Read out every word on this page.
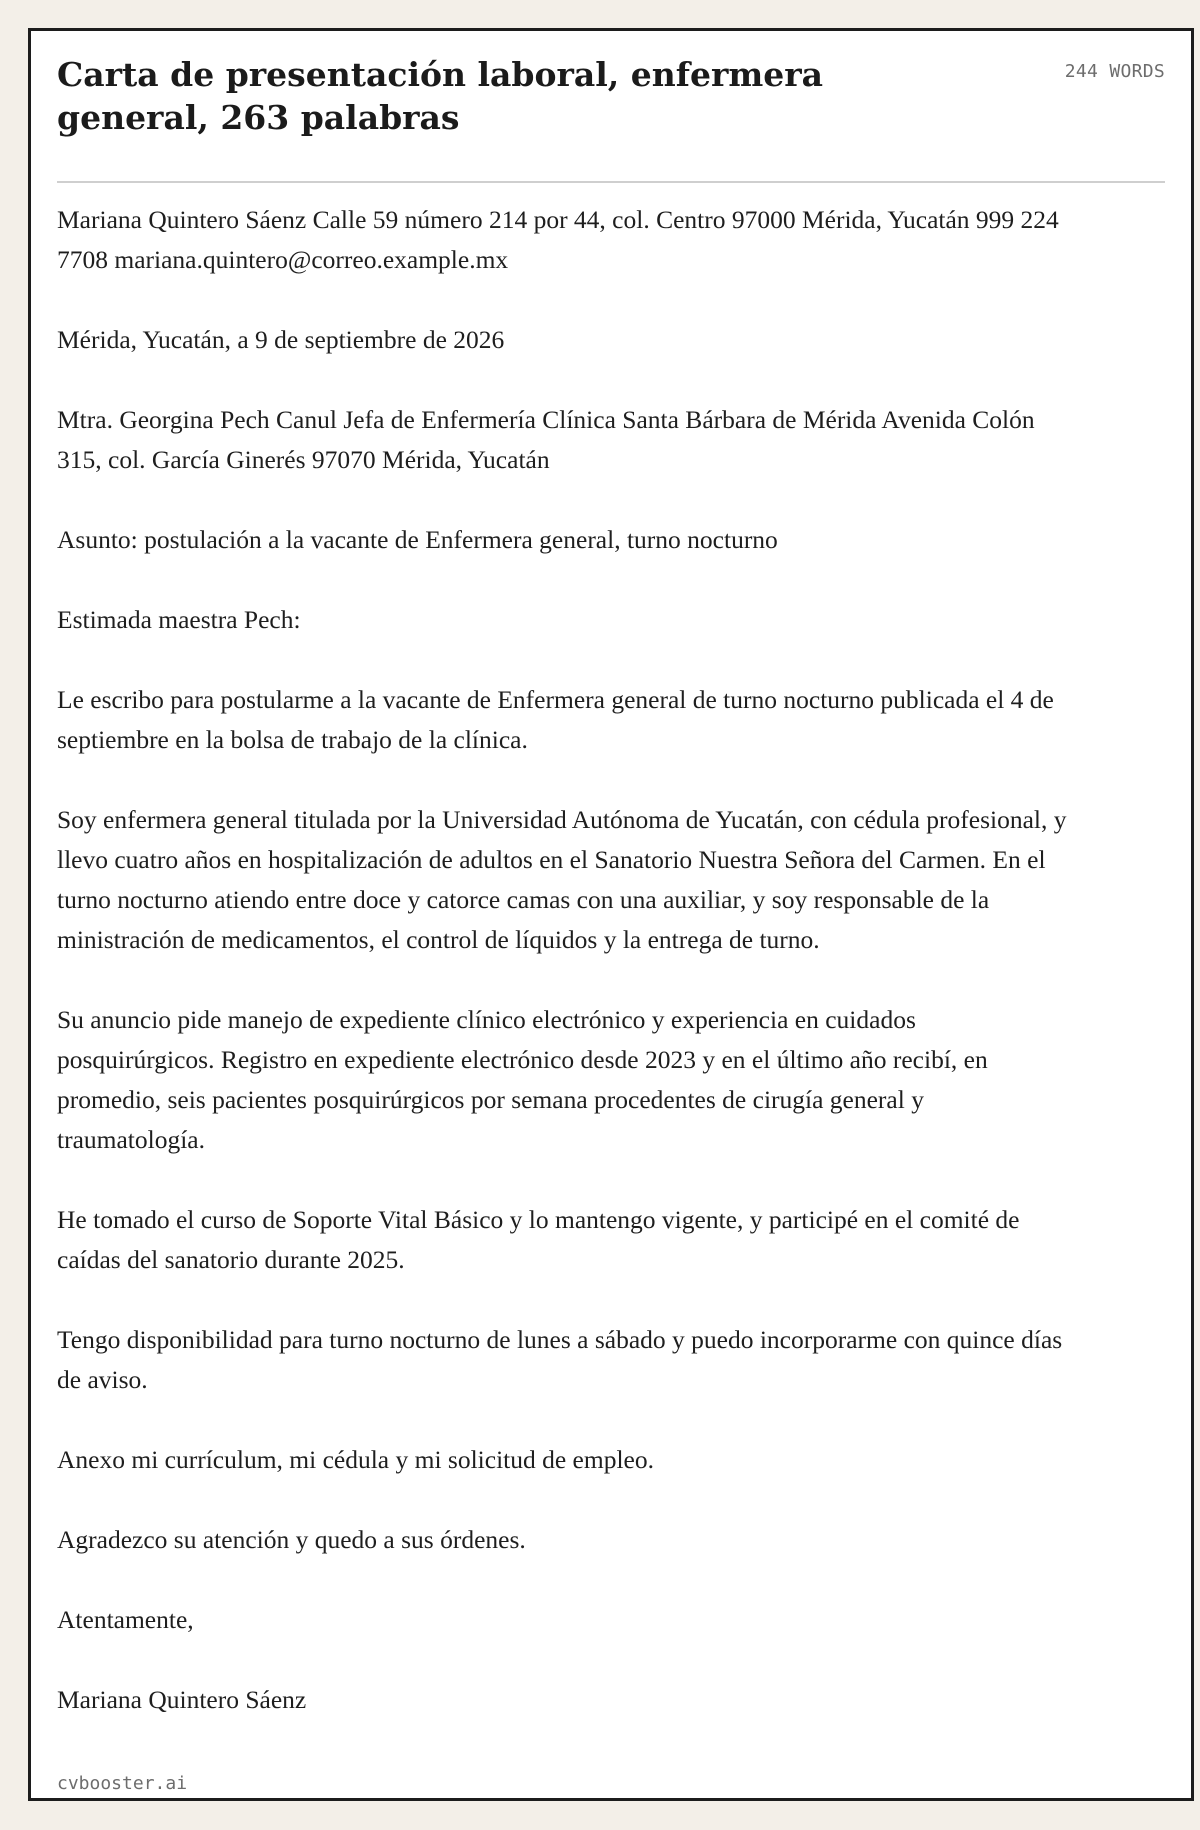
Carta de presentación laboral, enfermera general, 263 palabras
244 WORDS

Mariana Quintero Sáenz Calle 59 número 214 por 44, col. Centro 97000 Mérida, Yucatán 999 224 7708 mariana.quintero@correo.example.mx

Mérida, Yucatán, a 9 de septiembre de 2026

Mtra. Georgina Pech Canul Jefa de Enfermería Clínica Santa Bárbara de Mérida Avenida Colón 315, col. García Ginerés 97070 Mérida, Yucatán

Asunto: postulación a la vacante de Enfermera general, turno nocturno

Estimada maestra Pech:

Le escribo para postularme a la vacante de Enfermera general de turno nocturno publicada el 4 de septiembre en la bolsa de trabajo de la clínica.

Soy enfermera general titulada por la Universidad Autónoma de Yucatán, con cédula profesional, y llevo cuatro años en hospitalización de adultos en el Sanatorio Nuestra Señora del Carmen. En el turno nocturno atiendo entre doce y catorce camas con una auxiliar, y soy responsable de la ministración de medicamentos, el control de líquidos y la entrega de turno.

Su anuncio pide manejo de expediente clínico electrónico y experiencia en cuidados posquirúrgicos. Registro en expediente electrónico desde 2023 y en el último año recibí, en promedio, seis pacientes posquirúrgicos por semana procedentes de cirugía general y traumatología.

He tomado el curso de Soporte Vital Básico y lo mantengo vigente, y participé en el comité de caídas del sanatorio durante 2025.

Tengo disponibilidad para turno nocturno de lunes a sábado y puedo incorporarme con quince días de aviso.

Anexo mi currículum, mi cédula y mi solicitud de empleo.

Agradezco su atención y quedo a sus órdenes.

Atentamente,

Mariana Quintero Sáenz

cvbooster.ai
